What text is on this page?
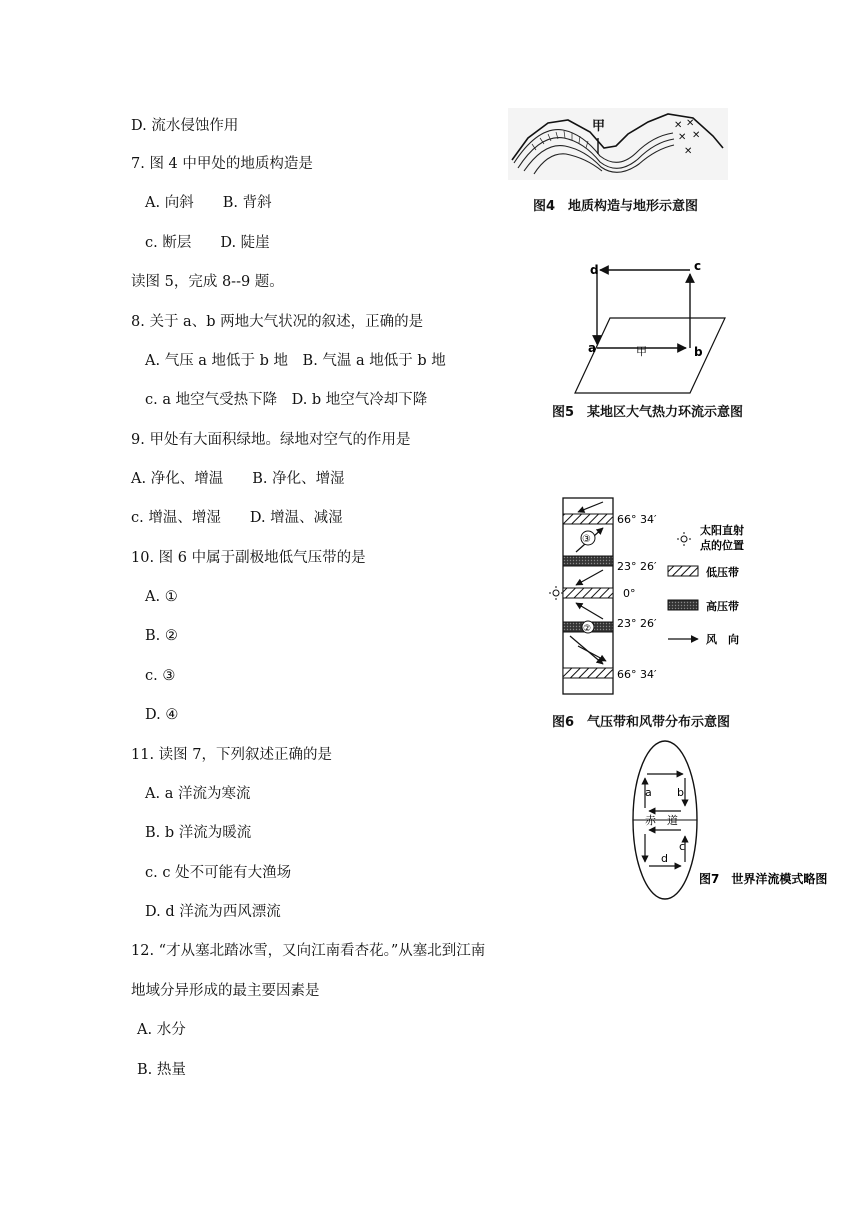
D. 流水侵蚀作用
7. 图 4 中甲处的地质构造是
A. 向斜　　B. 背斜
c. 断层　　D. 陡崖
读图 5，完成 8--9 题。
8. 关于 a、b 两地大气状况的叙述，正确的是
A. 气压 a 地低于 b 地　B. 气温 a 地低于 b 地
c. a 地空气受热下降　D. b 地空气冷却下降
9. 甲处有大面积绿地。绿地对空气的作用是
A. 净化、增温　　B. 净化、增湿
c. 增温、增湿　　D. 增温、减湿
10. 图 6 中属于副极地低气压带的是
A. ①
B. ②
c. ③
D. ④
11. 读图 7，下列叙述正确的是
A. a 洋流为寒流
B. b 洋流为暖流
c. c 处不可能有大渔场
D. d 洋流为西风漂流
12. “才从塞北踏冰雪，又向江南看杏花。”从塞北到江南
地域分异形成的最主要因素是
A. 水分
B. 热量
✕ ✕
✕ ✕
✕
甲
图4　地质构造与地形示意图
d	c
a	b
甲
图5　某地区大气热力环流示意图
③
②
66° 34′
23° 26′
0°
23° 26′
66° 34′
太阳直射
点的位置
低压带
高压带
风　向
图6　气压带和风带分布示意图
a b
赤　道
c
d
图7　世界洋流模式略图
